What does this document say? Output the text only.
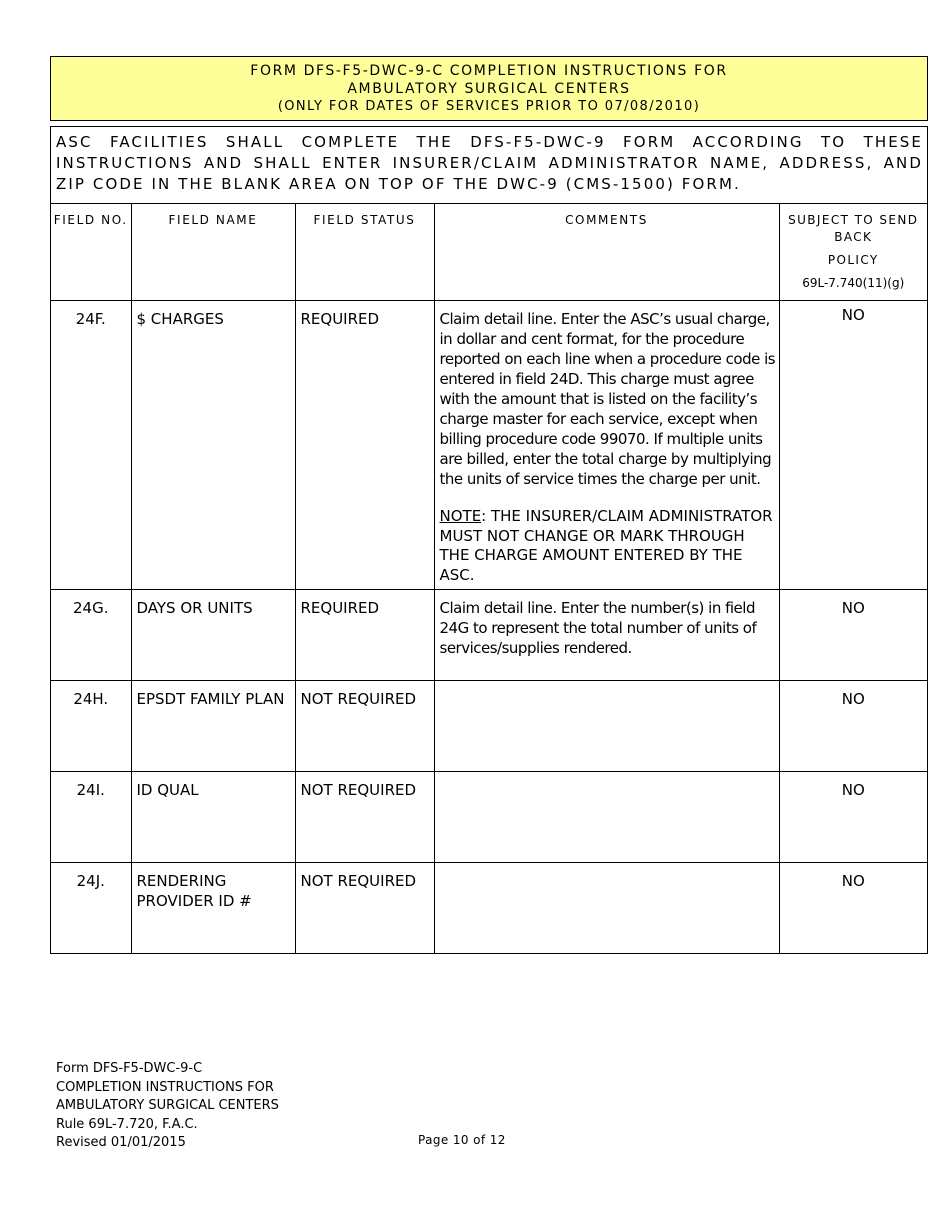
FORM DFS-F5-DWC-9-C COMPLETION INSTRUCTIONS FOR
AMBULATORY SURGICAL CENTERS
(ONLY FOR DATES OF SERVICES PRIOR TO 07/08/2010)
ASC FACILITIES SHALL COMPLETE THE DFS-F5-DWC-9 FORM ACCORDING TO THESE INSTRUCTIONS AND SHALL ENTER INSURER/CLAIM ADMINISTRATOR NAME, ADDRESS, AND ZIP CODE IN THE BLANK AREA ON TOP OF THE DWC-9 (CMS-1500) FORM.
FIELD NO.	FIELD NAME	FIELD STATUS	COMMENTS	SUBJECT TO SEND BACK

POLICY
69L-7.740(11)(g)

24F.	$ CHARGES	REQUIRED	Claim detail line. Enter the ASC’s usual charge, in dollar and cent format, for the procedure reported on each line when a procedure code is entered in field 24D. This charge must agree with the amount that is listed on the facility’s charge master for each service, except when billing procedure code 99070. If multiple units are billed, enter the total charge by multiplying the units of service times the charge per unit.
NOTE: THE INSURER/CLAIM ADMINISTRATOR MUST NOT CHANGE OR MARK THROUGH THE CHARGE AMOUNT ENTERED BY THE ASC.	NO
24G.	DAYS OR UNITS	REQUIRED	Claim detail line. Enter the number(s) in field 24G to represent the total number of units of services/supplies rendered.	NO
24H.	EPSDT FAMILY PLAN	NOT REQUIRED		NO
24I.	ID QUAL	NOT REQUIRED		NO
24J.	RENDERING PROVIDER ID #	NOT REQUIRED		NO
Form DFS-F5-DWC-9-C
COMPLETION INSTRUCTIONS FOR
AMBULATORY SURGICAL CENTERS
Rule 69L-7.720, F.A.C.
Revised 01/01/2015	Page 10 of 12
